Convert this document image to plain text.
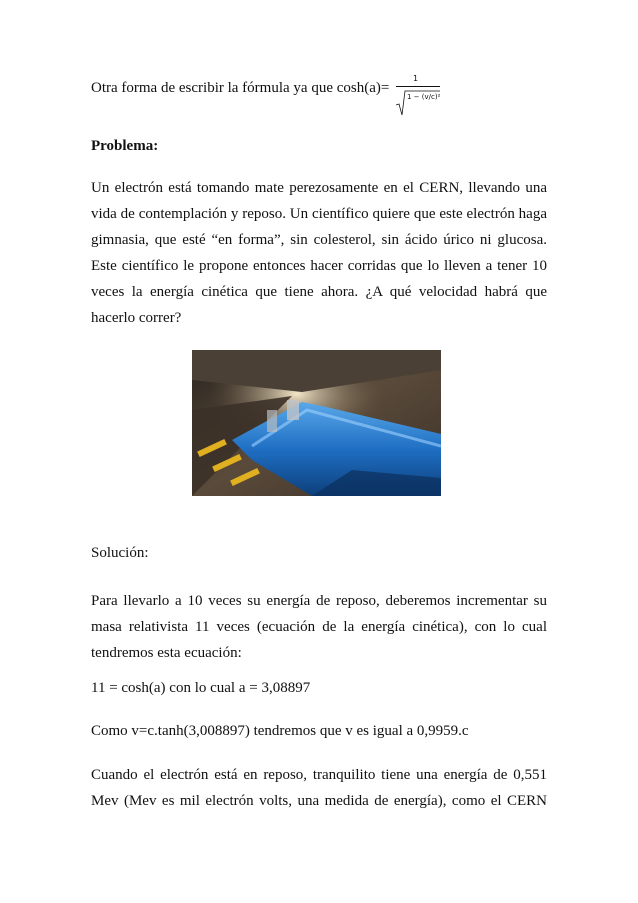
Otra forma de escribir la fórmula ya que cosh(a)=
1
1 − (v/c)²
Problema:

Un electrón está tomando mate perezosamente en el CERN, llevando una

vida de contemplación y reposo. Un científico quiere que este electrón haga

gimnasia, que esté “en forma”, sin colesterol, sin ácido úrico ni glucosa.

Este científico le propone entonces hacer corridas que lo lleven a tener 10

veces la energía cinética que tiene ahora. ¿A qué velocidad habrá que

hacerlo correr?

Solución:

Para llevarlo a 10 veces su energía de reposo, deberemos incrementar su

masa relativista 11 veces (ecuación de la energía cinética), con lo cual

tendremos esta ecuación:

11 = cosh(a) con lo cual a = 3,08897

Como v=c.tanh(3,008897) tendremos que v es igual a 0,9959.c

Cuando el electrón está en reposo, tranquilito tiene una energía de 0,551

Mev (Mev es mil electrón volts, una medida de energía), como el CERN
